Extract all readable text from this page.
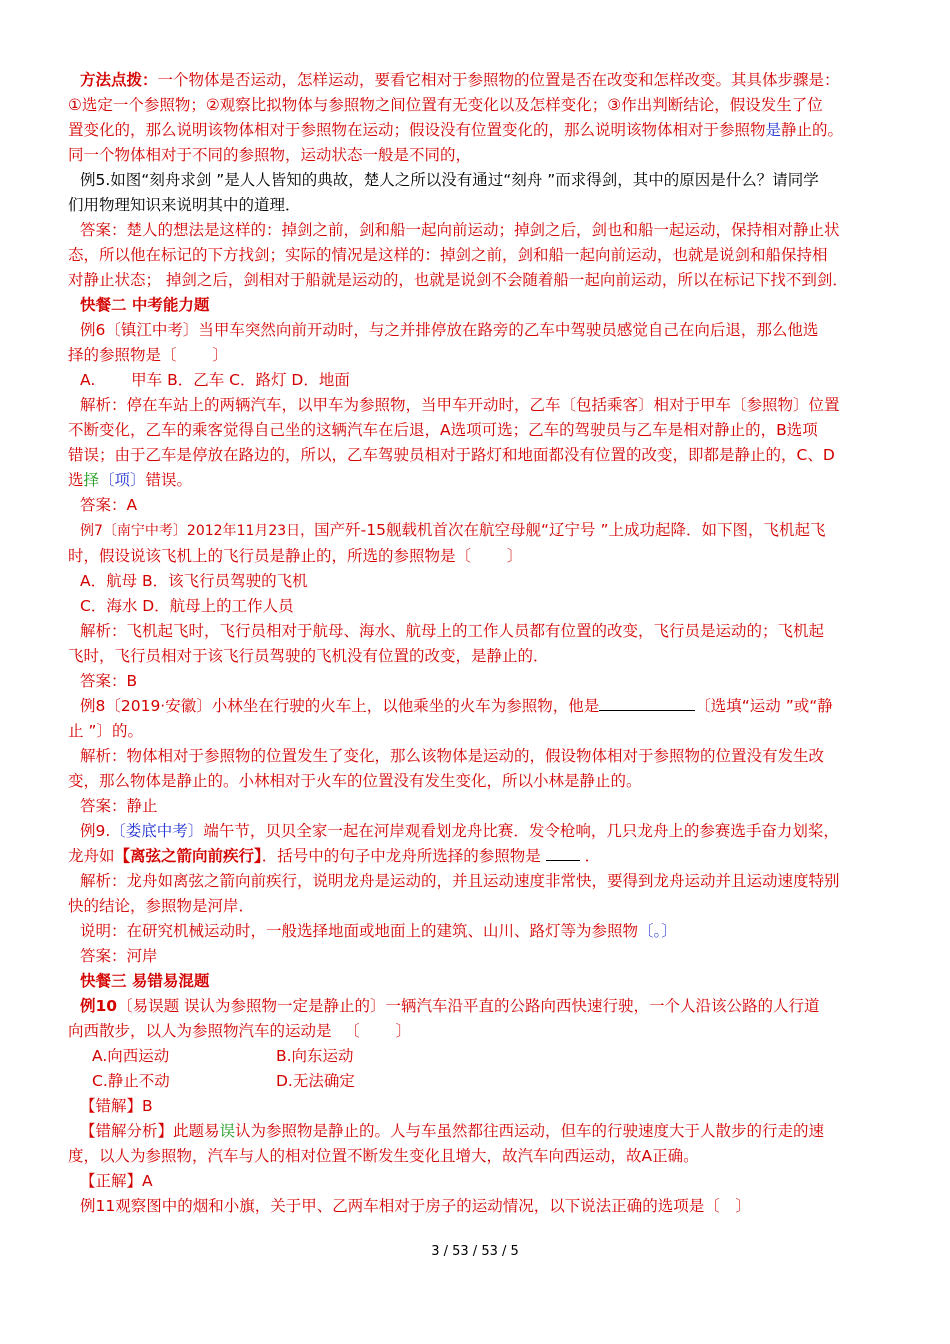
方法点拨：一个物体是否运动，怎样运动，要看它相对于参照物的位置是否在改变和怎样改变。其具体步骤是：

①选定一个参照物；②观察比拟物体与参照物之间位置有无变化以及怎样变化；③作出判断结论，假设发生了位

置变化的，那么说明该物体相对于参照物在运动；假设没有位置变化的，那么说明该物体相对于参照物是静止的。

同一个物体相对于不同的参照物，运动状态一般是不同的，

例5.如图“刻舟求剑 ”是人人皆知的典故，楚人之所以没有通过“刻舟 ”而求得剑，其中的原因是什么？请同学

们用物理知识来说明其中的道理．

答案：楚人的想法是这样的：掉剑之前，剑和船一起向前运动；掉剑之后，剑也和船一起运动，保持相对静止状

态，所以他在标记的下方找剑；实际的情况是这样的：掉剑之前，剑和船一起向前运动，也就是说剑和船保持相

对静止状态； 掉剑之后，剑相对于船就是运动的，也就是说剑不会随着船一起向前运动，所以在标记下找不到剑．

快餐二 中考能力题

例6〔镇江中考〕当甲车突然向前开动时，与之并排停放在路旁的乙车中驾驶员感觉自己在向后退，那么他选

择的参照物是〔 　　〕

A.　　 甲车 B．乙车 C．路灯 D．地面

解析：停在车站上的两辆汽车，以甲车为参照物，当甲车开动时，乙车〔包括乘客〕相对于甲车〔参照物〕位置

不断变化，乙车的乘客觉得自己坐的这辆汽车在后退，A选项可选；乙车的驾驶员与乙车是相对静止的，B选项

错误；由于乙车是停放在路边的，所以，乙车驾驶员相对于路灯和地面都没有位置的改变，即都是静止的，C、D

选择〔项〕错误。

答案：A

例7〔南宁中考〕2012年11月23日，国产歼-15舰载机首次在航空母舰“辽宁号 ”上成功起降．如下图，飞机起飞

时，假设说该飞机上的飞行员是静止的，所选的参照物是〔 　　〕

A．航母 B．该飞行员驾驶的飞机

C．海水 D．航母上的工作人员

解析：飞机起飞时，飞行员相对于航母、海水、航母上的工作人员都有位置的改变，飞行员是运动的；飞机起

飞时，飞行员相对于该飞行员驾驶的飞机没有位置的改变，是静止的．

答案：B

例8〔2019·安徽〕小林坐在行驶的火车上，以他乘坐的火车为参照物，他是	〔选填“运动 ”或“静

止 ”〕的。

解析：物体相对于参照物的位置发生了变化，那么该物体是运动的，假设物体相对于参照物的位置没有发生改

变，那么物体是静止的。小林相对于火车的位置没有发生变化，所以小林是静止的。

答案：静止

例9.〔娄底中考〕端午节，贝贝全家一起在河岸观看划龙舟比赛．发令枪响，几只龙舟上的参赛选手奋力划桨，

龙舟如【离弦之箭向前疾行】．括号中的句子中龙舟所选择的参照物是	．

解析：龙舟如离弦之箭向前疾行，说明龙舟是运动的，并且运动速度非常快，要得到龙舟运动并且运动速度特别

快的结论，参照物是河岸．

说明：在研究机械运动时，一般选择地面或地面上的建筑、山川、路灯等为参照物〔。〕

答案：河岸

快餐三 易错易混题

例10〔易误题 误认为参照物一定是静止的〕一辆汽车沿平直的公路向西快速行驶，一个人沿该公路的人行道

向西散步，以人为参照物汽车的运动是 　〔 　　〕

A.向西运动	B.向东运动

C.静止不动	D.无法确定

【错解】B

【错解分析】此题易误认为参照物是静止的。人与车虽然都往西运动，但车的行驶速度大于人散步的行走的速

度，以人为参照物，汽车与人的相对位置不断发生变化且增大，故汽车向西运动，故A正确。

【正解】A

例11观察图中的烟和小旗，关于甲、乙两车相对于房子的运动情况，以下说法正确的选项是〔　〕

3 / 53 / 53 / 5
